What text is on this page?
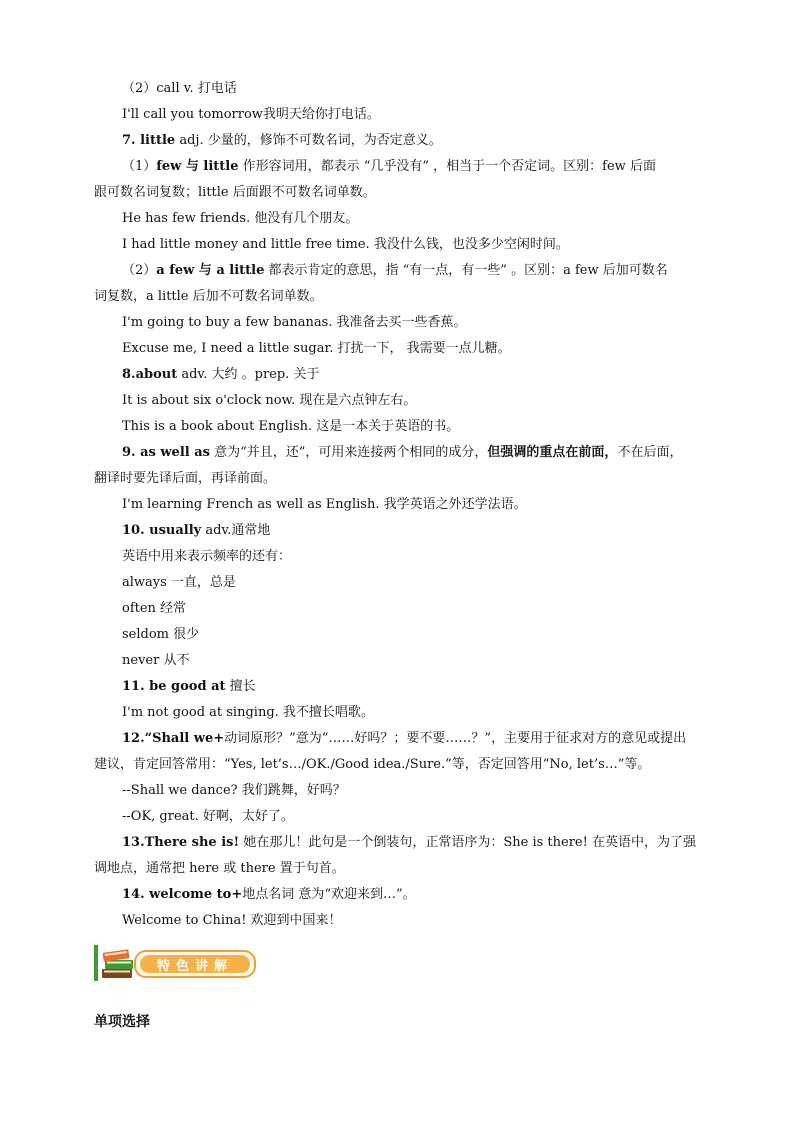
（2）call v. 打电话
I'll call you tomorrow我明天给你打电话。
7. little adj. 少量的，修饰不可数名词，为否定意义。
（1）few 与 little 作形容词用，都表示 “几乎没有” ，相当于一个否定词。区别：few 后面
跟可数名词复数；little 后面跟不可数名词单数。
He has few friends. 他没有几个朋友。
I had little money and little free time. 我没什么钱，也没多少空闲时间。
（2）a few 与 a little 都表示肯定的意思，指 “有一点，有一些” 。区别：a few 后加可数名
词复数，a little 后加不可数名词单数。
I'm going to buy a few bananas. 我准备去买一些香蕉。
Excuse me, I need a little sugar. 打扰一下， 我需要一点儿糖。
8.about adv. 大约 。prep. 关于
It is about six o'clock now. 现在是六点钟左右。
This is a book about English. 这是一本关于英语的书。
9. as well as 意为“并且，还”，可用来连接两个相同的成分，但强调的重点在前面，不在后面，
翻译时要先译后面，再译前面。
I'm learning French as well as English. 我学英语之外还学法语。
10. usually adv.通常地
英语中用来表示频率的还有：
always 一直，总是
often 经常
seldom 很少
never 从不
11. be good at 擅长
I'm not good at singing. 我不擅长唱歌。
12.“Shall we+动词原形？”意为“……好吗？；要不要……？”，主要用于征求对方的意见或提出
建议，肯定回答常用：“Yes, let’s…/OK./Good idea./Sure.”等，否定回答用“No, let’s…”等。
--Shall we dance? 我们跳舞，好吗？
--OK, great. 好啊，太好了。
13.There she is! 她在那儿！此句是一个倒装句，正常语序为：She is there! 在英语中，为了强
调地点，通常把 here 或 there 置于句首。
14. welcome to+地点名词 意为“欢迎来到…”。
Welcome to China! 欢迎到中国来！
特色讲解
单项选择
